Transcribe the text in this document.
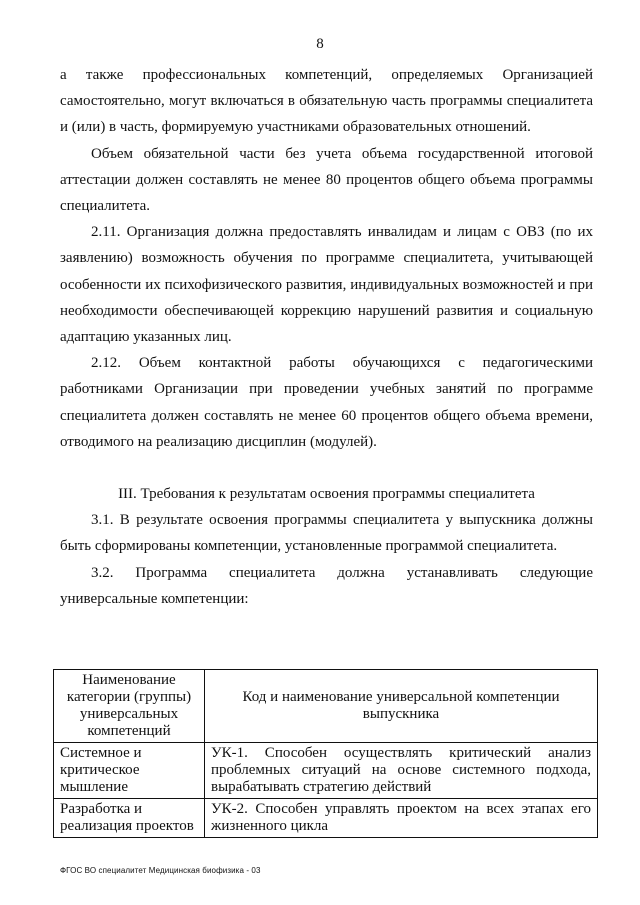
8

а также профессиональных компетенций, определяемых Организацией самостоятельно, могут включаться в обязательную часть программы специалитета и (или) в часть, формируемую участниками образовательных отношений.

Объем обязательной части без учета объема государственной итоговой аттестации должен составлять не менее 80 процентов общего объема программы специалитета.

2.11. Организация должна предоставлять инвалидам и лицам с ОВЗ (по их заявлению) возможность обучения по программе специалитета, учитывающей особенности их психофизического развития, индивидуальных возможностей и при необходимости обеспечивающей коррекцию нарушений развития и социальную адаптацию указанных лиц.

2.12. Объем контактной работы обучающихся с педагогическими работниками Организации при проведении учебных занятий по программе специалитета должен составлять не менее 60 процентов общего объема времени, отводимого на реализацию дисциплин (модулей).

III. Требования к результатам освоения программы специалитета

3.1. В результате освоения программы специалитета у выпускника должны быть сформированы компетенции, установленные программой специалитета.

3.2. Программа специалитета должна устанавливать следующие универсальные компетенции:

Наименование категории (группы) универсальных компетенций	Код и наименование универсальной компетенции выпускника
Системное и критическое мышление	УК-1. Способен осуществлять критический анализ проблемных ситуаций на основе системного подхода, вырабатывать стратегию действий
Разработка и реализация проектов	УК-2. Способен управлять проектом на всех этапах его жизненного цикла
ФГОС ВО специалитет Медицинская биофизика - 03
